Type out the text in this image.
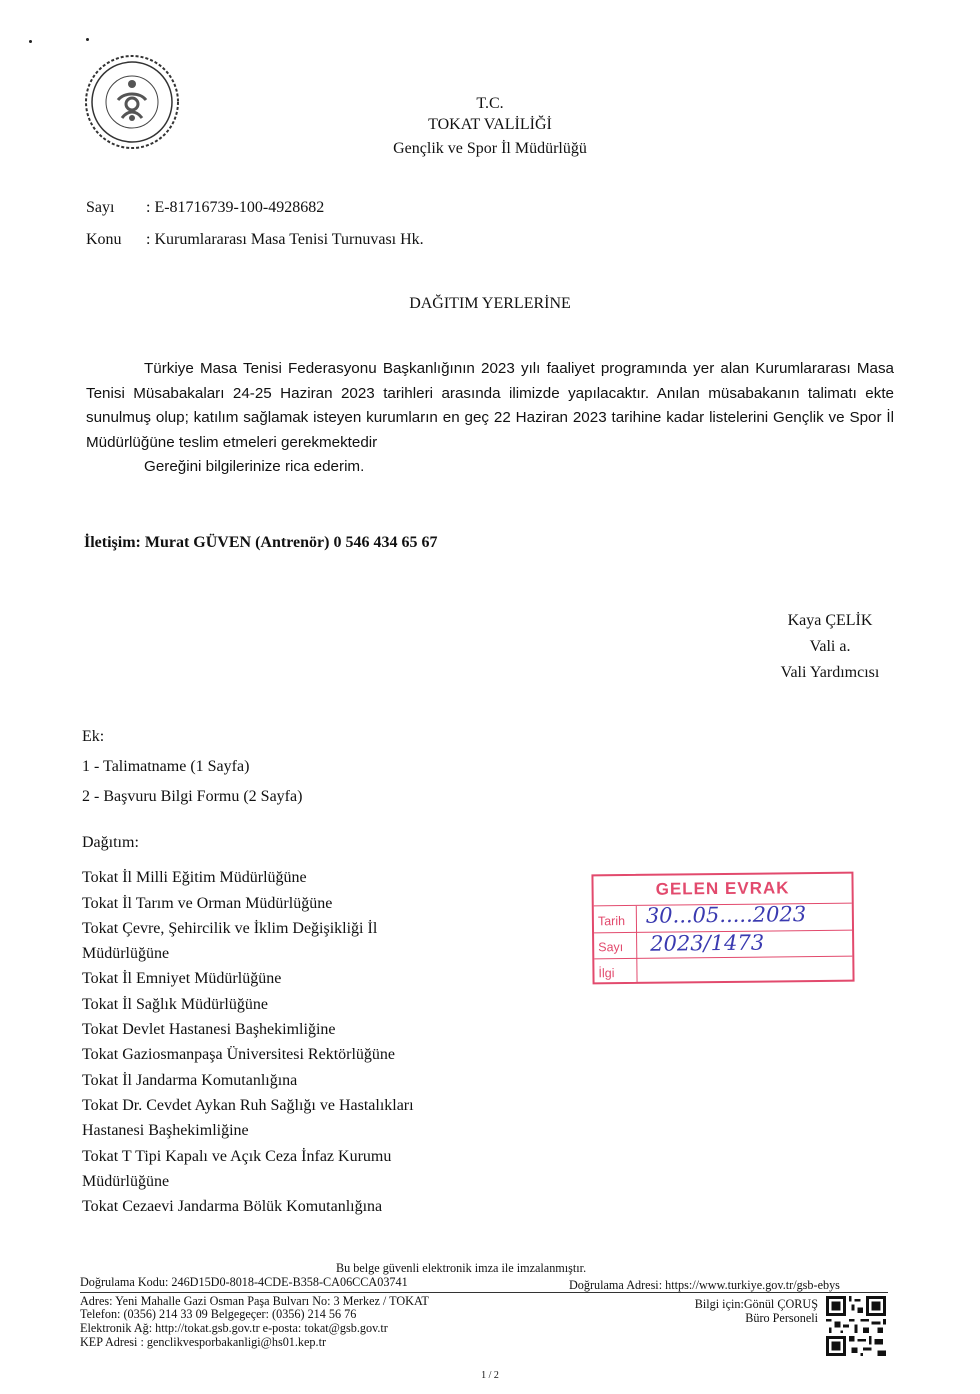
T.C.
TOKAT VALİLİĞİ
Gençlik ve Spor İl Müdürlüğü
Sayı : E-81716739-100-4928682
Konu : Kurumlararası Masa Tenisi Turnuvası Hk.
DAĞITIM YERLERİNE

Türkiye Masa Tenisi Federasyonu Başkanlığının 2023 yılı faaliyet programında yer alan Kurumlararası Masa Tenisi Müsabakaları 24-25 Haziran 2023 tarihleri arasında ilimizde yapılacaktır. Anılan müsabakanın talimatı ekte sunulmuş olup; katılım sağlamak isteyen kurumların en geç 22 Haziran 2023 tarihine kadar listelerini Gençlik ve Spor İl Müdürlüğüne teslim etmeleri gerekmektedir

Gereğini bilgilerinize rica ederim.

İletişim: Murat GÜVEN (Antrenör) 0 546 434 65 67
Kaya ÇELİK
Vali a.
Vali Yardımcısı
Ek:
1 - Talimatname (1 Sayfa)
2 - Başvuru Bilgi Formu (2 Sayfa)
Dağıtım:
Tokat İl Milli Eğitim Müdürlüğüne
Tokat İl Tarım ve Orman Müdürlüğüne
Tokat Çevre, Şehircilik ve İklim Değişikliği İl
Müdürlüğüne
Tokat İl Emniyet Müdürlüğüne
Tokat İl Sağlık Müdürlüğüne
Tokat Devlet Hastanesi Başhekimliğine
Tokat Gaziosmanpaşa Üniversitesi Rektörlüğüne
Tokat İl Jandarma Komutanlığına
Tokat Dr. Cevdet Aykan Ruh Sağlığı ve Hastalıkları
Hastanesi Başhekimliğine
Tokat T Tipi Kapalı ve Açık Ceza İnfaz Kurumu
Müdürlüğüne
Tokat Cezaevi Jandarma Bölük Komutanlığına
GELEN EVRAK
Tarih
Sayı
İlgi
30...05.....2023
2023/1473
Bu belge güvenli elektronik imza ile imzalanmıştır.
Doğrulama Kodu: 246D15D0-8018-4CDE-B358-CA06CCA03741	Doğrulama Adresi: https://www.turkiye.gov.tr/gsb-ebys
Adres: Yeni Mahalle Gazi Osman Paşa Bulvarı No: 3 Merkez / TOKAT
Telefon: (0356) 214 33 09 Belgegeçer: (0356) 214 56 76
Elektronik Ağ: http://tokat.gsb.gov.tr e-posta: tokat@gsb.gov.tr
KEP Adresi : genclikvesporbakanligi@hs01.kep.tr
Bilgi için:Gönül ÇORUŞ
Büro Personeli
1 / 2
